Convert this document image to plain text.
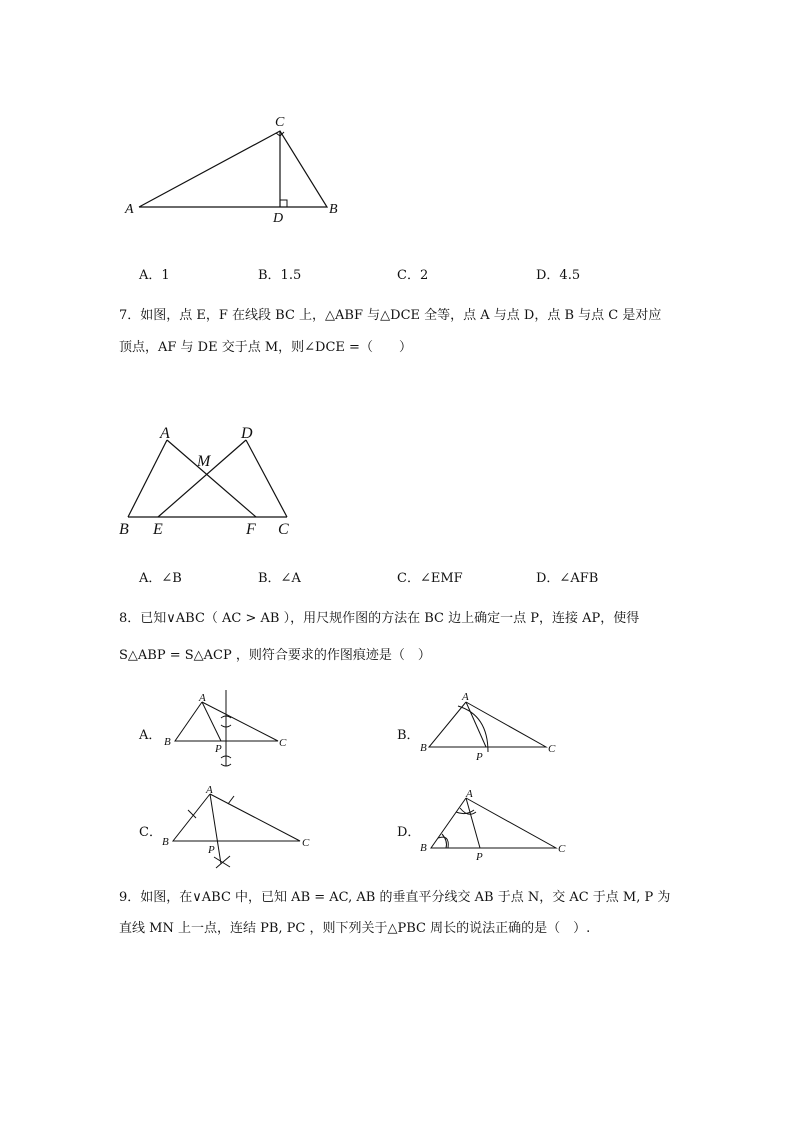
C
A	B
D
A．1	B．1.5	C．2	D．4.5
7．如图，点 E，F 在线段 BC 上，△ABF 与△DCE 全等，点 A 与点 D，点 B 与点 C 是对应
顶点，AF 与 DE 交于点 M，则∠DCE =（　　）
A	D
M
B E	F C
A．∠B	B．∠A	C．∠EMF	D．∠AFB
8．已知∨ABC（ AC > AB ），用尺规作图的方法在 BC 边上确定一点 P，连接 AP，使得
S△ABP = S△ACP ，则符合要求的作图痕迹是（　）
A．
A
B
P	C	B．
A
B
P
C
C．
A
B
P
C
D．
A
B
P
C
9．如图，在∨ABC 中，已知 AB = AC, AB 的垂直平分线交 AB 于点 N，交 AC 于点 M, P 为
直线 MN 上一点，连结 PB, PC ，则下列关于△PBC 周长的说法正确的是（　）.
